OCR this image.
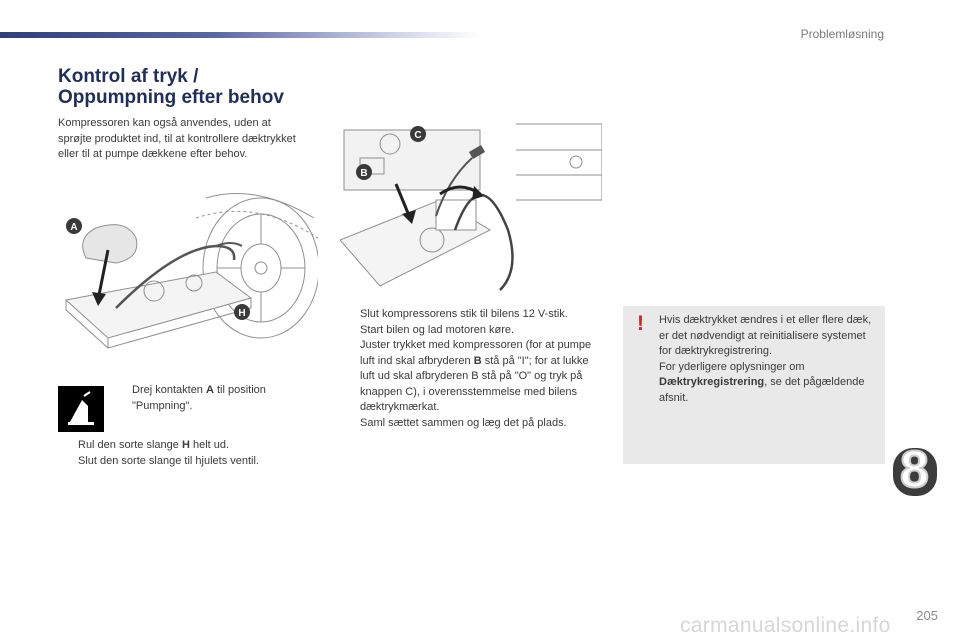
Problemløsning
Kontrol af tryk /
Oppumpning efter behov

Kompressoren kan også anvendes, uden at sprøjte produktet ind, til at kontrollere dæktrykket eller til at pumpe dækkene efter behov.

A
H
C
B

Drej kontakten A til position "Pumpning".

Rul den sorte slange H helt ud.

Slut den sorte slange til hjulets ventil.

Slut kompressorens stik til bilens 12 V-stik.

Start bilen og lad motoren køre.

Juster trykket med kompressoren (for at pumpe luft ind skal afbryderen B stå på "I"; for at lukke luft ud skal afbryderen B stå på "O" og tryk på knappen C), i overensstemmelse med bilens dæktrykmærkat.

Saml sættet sammen og læg det på plads.

! Hvis dæktrykket ændres i et eller flere dæk, er det nødvendigt at reinitialisere systemet for dæktrykregistrering.
For yderligere oplysninger om Dæktrykregistrering, se det pågældende afsnit.

8
carmanualsonline.info 205
